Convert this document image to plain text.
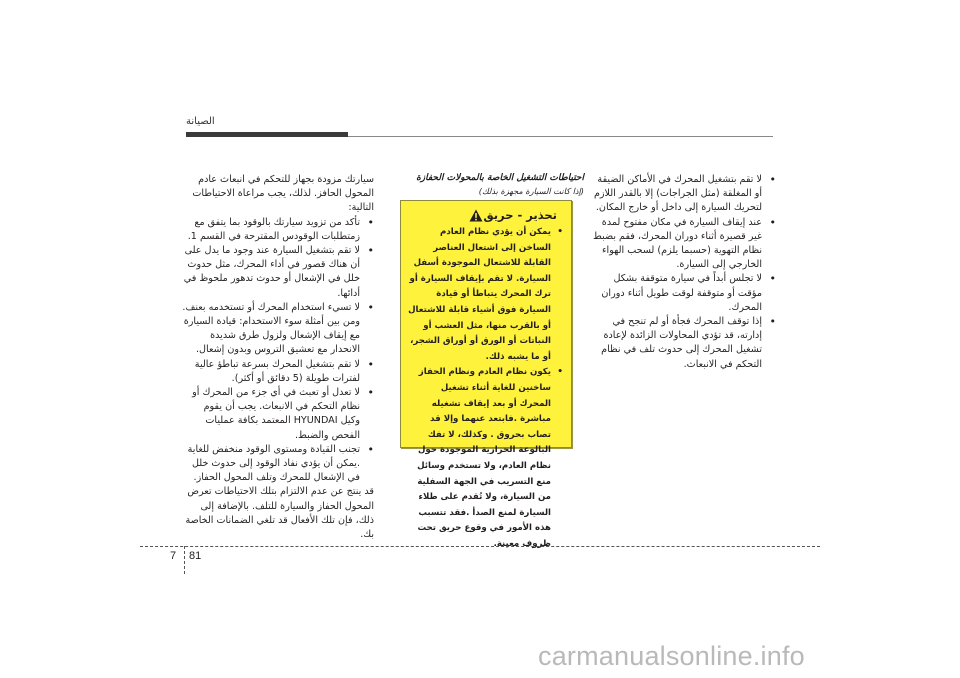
الصيانة

سيارتك مزودة بجهاز للتحكم في انبعاث عادم المحول الحافز. لذلك، يجب مراعاة الاحتياطات التالية:

• تأكد من تزويد سيارتك بالوقود بما يتفق مع زمتطلبات الوقودس المقترحة في القسم 1.
• لا تقم بتشغيل السيارة عند وجود ما يدل على أن هناك قصور في أداء المحرك، مثل حدوث خلل في الإشعال أو حدوث تدهور ملحوظ في أدائها.
• لا تسيء استخدام المحرك أو تستخدمه بعنف. ومن بين أمثلة سوء الاستخدام: قيادة السيارة مع إيقاف الإشعال ولزول طرق شديدة الانحدار مع تعشيق التروس وبدون إشعال.
• لا تقم بتشغيل المحرك بسرعة تباطؤ عالية لفترات طويلة (5 دقائق أو أكثر).
• لا تعدل أو تعبث في أي جزء من المحرك أو نظام التحكم في الانبعاث. يجب أن يقوم وكيل HYUNDAI المعتمد بكافة عمليات الفحص والضبط.
• تجنب القيادة ومستوى الوقود منخفض للغاية .يمكن أن يؤدي نفاد الوقود إلى حدوث خلل في الإشعال للمحرك وتلف المحول الحفاز.

قد ينتج عن عدم الالتزام بتلك الاحتياطات تعرض المحول الحفاز والسيارة للتلف. بالإضافة إلى ذلك، فإن تلك الأفعال قد تلغي الضمانات الخاصة بك.

احتياطات التشغيل الخاصة بالمحولات الحفازة

(إذا كانت السيارة مجهزة بذلك)

تحذير - حريق
• يمكن أن يؤدي نظام العادم الساخن إلى اشتعال العناصر القابلة للاشتعال الموجودة أسفل السيارة. لا تقم بإيقاف السيارة أو ترك المحرك يتباطأ أو قيادة السيارة فوق أشياء قابلة للاشتعال أو بالقرب منها، مثل العشب أو النباتات أو الورق أو أوراق الشجر، أو ما يشبه ذلك.
• يكون نظام العادم ونظام الحفاز ساخنين للغاية أثناء تشغيل المحرك أو بعد إيقاف تشغيله مباشرة .فابتعد عنهما وإلا قد تصاب بحروق . وكذلك، لا تفك البالوعة الحرارية الموجودة حول نظام العادم، ولا تستخدم وسائل منع التسريب في الجهة السفلية من السيارة، ولا تُقدم على طلاء السيارة لمنع الصدأ .فقد تتسبب هذه الأمور في وقوع حريق تحت ظروف معينة.
• لا تقم بتشغيل المحرك في الأماكن الضيقة أو المغلقة (مثل الجراجات) إلا بالقدر اللازم لتحريك السيارة إلى داخل أو خارج المكان.
• عند إيقاف السيارة في مكان مفتوح لمدة غير قصيرة أثناء دوران المحرك، فقم بضبط نظام التهوية (حسبما يلزم) لسحب الهواء الخارجي إلى السيارة.
• لا تجلس أبداً في سيارة متوقفة بشكل مؤقت أو متوقفة لوقت طويل أثناء دوران المحرك.
• إذا توقف المحرك فجأة أو لم تنجح في إدارته، قد تؤدي المحاولات الزائدة لإعادة تشغيل المحرك إلى حدوث تلف في نظام التحكم في الانبعاث.
7 81
carmanualsonline.info
